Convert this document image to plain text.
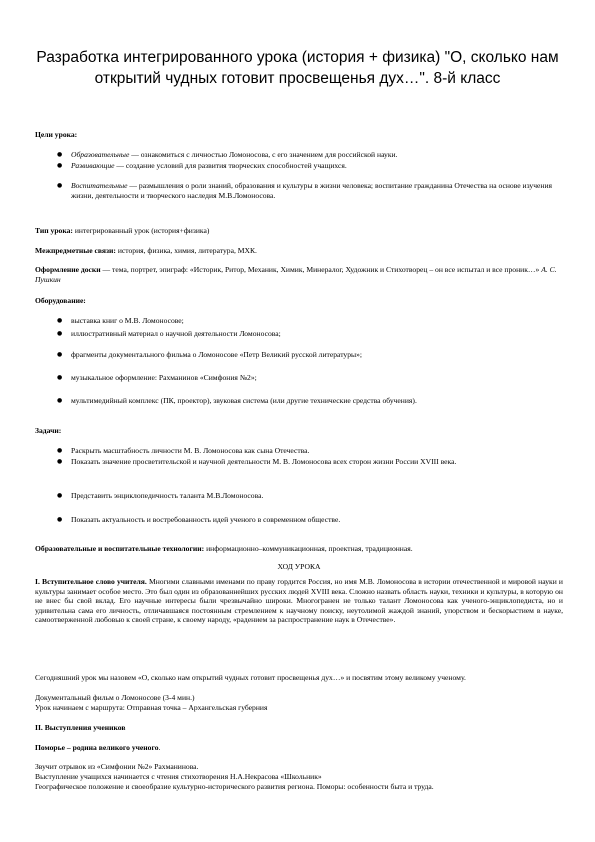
Разработка интегрированного урока (история + физика) "О, сколько нам открытий чудных готовит просвещенья дух…". 8-й класс
Цели урока:
● Образовательные — ознакомиться с личностью Ломоносова, с его значением для российской науки.
● Развивающие — создание условий для развития творческих способностей учащихся.
● Воспитательные — размышления о роли знаний, образования и культуры в жизни человека; воспитание гражданина Отечества на основе изучения жизни, деятельности и творческого наследия М.В.Ломоносова.
Тип урока: интегрированный урок (история+физика)
Межпредметные связи: история, физика, химия, литература, МХК.
Оформление доски — тема, портрет, эпиграф: «Историк, Ритор, Механик, Химик, Минералог, Художник и Стихотворец – он все испытал и все проник…» А. С. Пушкин
Оборудование:
● выставка книг о М.В. Ломоносове;
● иллюстративный материал о научной деятельности Ломоносова;
● фрагменты документального фильма о Ломоносове «Петр Великий русской литературы»;
● музыкальное оформление: Рахманинов «Симфония №2»;
● мультимедийный комплекс (ПК, проектор), звуковая система (или другие технические средства обучения).
Задачи:
● Раскрыть масштабность личности М. В. Ломоносова как сына Отечества.
● Показать значение просветительской и научной деятельности М. В. Ломоносова всех сторон жизни России XVIII века.
● Представить энциклопедичность таланта М.В.Ломоносова.
● Показать актуальность и востребованность идей ученого в современном обществе.
Образовательные и воспитательные технологии: информационно–коммуникационная, проектная, традиционная.
ХОД УРОКА
I. Вступительное слово учителя. Многими славными именами по праву гордится Россия, но имя М.В. Ломоносова в истории отечественной и мировой науки и культуры занимает особое место. Это был один из образованнейших русских людей XVIII века. Сложно назвать область науки, техники и культуры, в которую он не внес бы свой вклад. Его научные интересы были чрезвычайно широки. Многогранен не только талант Ломоносова как ученого-энциклопедиста, но и удивительна сама его личность, отличавшаяся постоянным стремлением к научному поиску, неутолимой жаждой знаний, упорством и бескорыстием в науке, самоотверженной любовью к своей стране, к своему народу, «радением за распространение наук в Отечестве».
Сегодняшний урок мы назовем «О, сколько нам открытий чудных готовит просвещенья дух…» и посвятим этому великому ученому.
Документальный фильм о Ломоносове (3-4 мин.)
Урок начинаем с маршрута: Отправная точка – Архангельская губерния
II. Выступления учеников
Поморье – родина великого ученого.
Звучит отрывок из «Симфонии №2» Рахманинова.
Выступление учащихся начинается с чтения стихотворения Н.А.Некрасова «Школьник»
Географическое положение и своеобразие культурно-исторического развития региона. Поморы: особенности быта и труда.
